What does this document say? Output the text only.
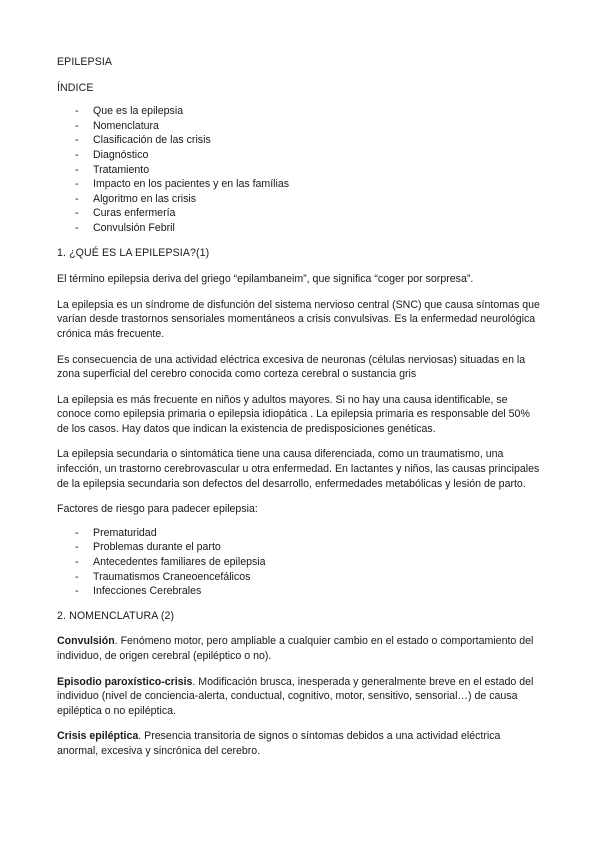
EPILEPSIA
ÍNDICE
- Que es la epilepsia
- Nomenclatura
- Clasificación de las crisis
- Diagnóstico
- Tratamiento
- Impacto en los pacientes y en las famílias
- Algoritmo en las crisis
- Curas enfermería
- Convulsión Febril
1. ¿QUÉ ES LA EPILEPSIA?(1)

El término epilepsia deriva del griego “epilambaneim”, que significa “coger por sorpresa”.

La epilepsia es un síndrome de disfunción del sistema nervioso central (SNC) que causa síntomas que varían desde trastornos sensoriales momentáneos a crisis convulsivas. Es la enfermedad neurológica crónica más frecuente.

Es consecuencia de una actividad eléctrica excesiva de neuronas (células nerviosas) situadas en la zona superficial del cerebro conocida como corteza cerebral o sustancia gris

La epilepsia es más frecuente en niños y adultos mayores. Si no hay una causa identificable, se conoce como epilepsia primaria o epilepsia idiopática . La epilepsia primaria es responsable del 50% de los casos. Hay datos que indican la existencia de predisposiciones genéticas.

La epilepsia secundaria o sintomática tiene una causa diferenciada, como un traumatismo, una infección, un trastorno cerebrovascular u otra enfermedad. En lactantes y niños, las causas principales de la epilepsia secundaria son defectos del desarrollo, enfermedades metabólicas y lesión de parto.

Factores de riesgo para padecer epilepsia:

- Prematuridad
- Problemas durante el parto
- Antecedentes familiares de epilepsia
- Traumatismos Craneoencefálicos
- Infecciones Cerebrales
2. NOMENCLATURA (2)

Convulsión. Fenómeno motor, pero ampliable a cualquier cambio en el estado o comportamiento del individuo, de origen cerebral (epiléptico o no).

Episodio paroxístico-crisis. Modificación brusca, inesperada y generalmente breve en el estado del individuo (nivel de conciencia-alerta, conductual, cognitivo, motor, sensitivo, sensorial…) de causa epiléptica o no epiléptica.

Crisis epiléptica. Presencia transitoria de signos o síntomas debidos a una actividad eléctrica anormal, excesiva y sincrónica del cerebro.
